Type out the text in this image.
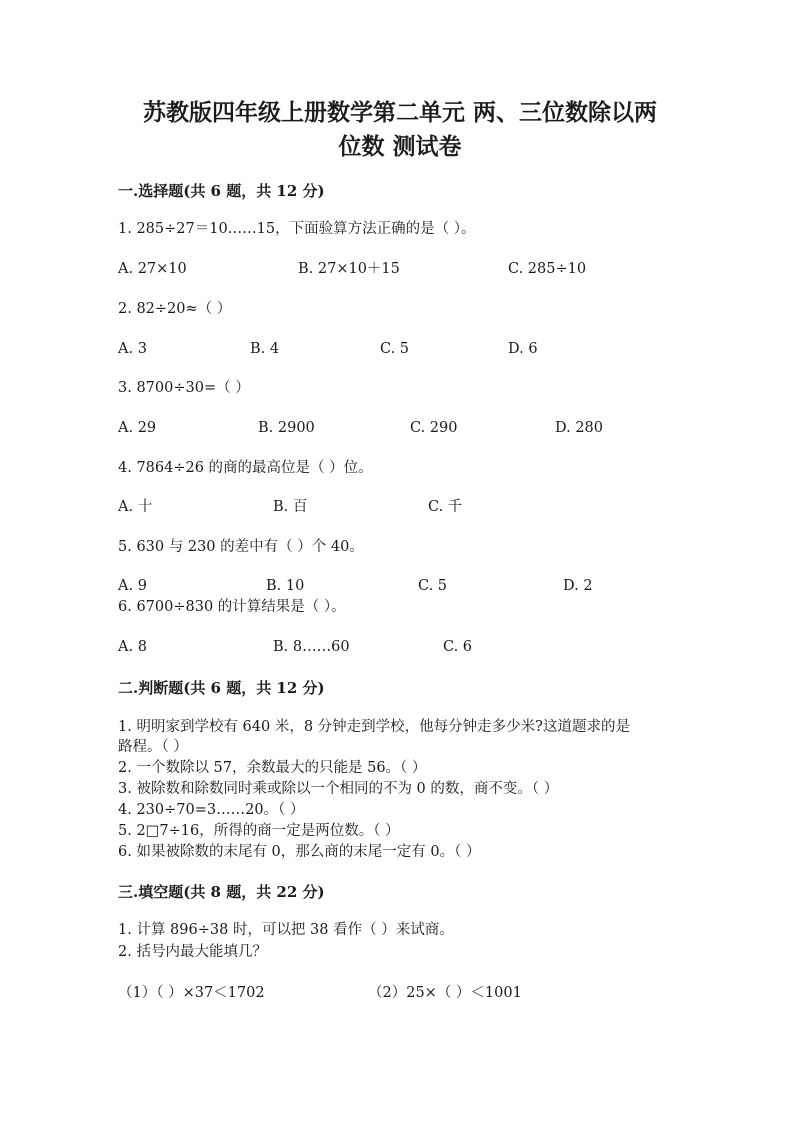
苏教版四年级上册数学第二单元 两、三位数除以两
位数 测试卷
一.选择题(共 6 题，共 12 分)
1. 285÷27＝10……15，下面验算方法正确的是（ ）。
A. 27×10	B. 27×10＋15	C. 285÷10
2. 82÷20≈（ ）
A. 3	B. 4	C. 5	D. 6
3. 8700÷30=（ ）
A. 29	B. 2900	C. 290	D. 280
4. 7864÷26 的商的最高位是（ ）位。
A. 十	B. 百	C. 千
5. 630 与 230 的差中有（ ）个 40。
A. 9	B. 10	C. 5	D. 2
6. 6700÷830 的计算结果是（ ）。
A. 8	B. 8……60	C. 6
二.判断题(共 6 题，共 12 分)
1. 明明家到学校有 640 米，8 分钟走到学校，他每分钟走多少米?这道题求的是
路程。（ ）
2. 一个数除以 57，余数最大的只能是 56。（ ）
3. 被除数和除数同时乘或除以一个相同的不为 0 的数，商不变。（ ）
4. 230÷70=3……20。（ ）
5. 2□7÷16，所得的商一定是两位数。（ ）
6. 如果被除数的末尾有 0，那么商的末尾一定有 0。（ ）
三.填空题(共 8 题，共 22 分)
1. 计算 896÷38 时，可以把 38 看作（ ）来试商。
2. 括号内最大能填几？
（1）（ ）×37＜1702	（2）25×（ ）＜1001
